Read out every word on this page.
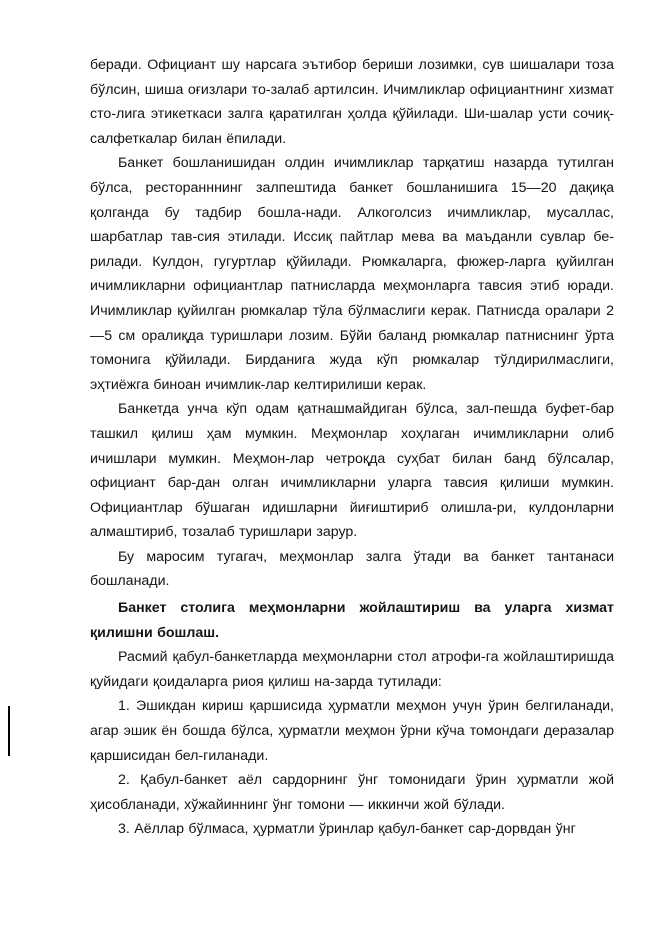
беради. Официант шу нарсага эътибор бериши лозимки, сув шишалари тоза бўлсин, шиша оғизлари то-залаб артилсин. Ичимликлар официантнинг хизмат сто-лига этикеткаси залга қаратилган ҳолда қўйилади. Ши-шалар усти сочиқ-салфеткалар билан ёпилади.

Банкет бошланишидан олдин ичимликлар тарқатиш назарда тутилган бўлса, ресторанннинг залпештида банкет бошланишига 15—20 дақиқа қолганда бу тадбир бошла-нади. Алкоголсиз ичимликлар, мусаллас, шарбатлар тав-сия этилади. Иссиқ пайтлар мева ва маъданли сувлар бе-рилади. Кулдон, гугуртлар қўйилади. Рюмкаларга, фюжер-ларга қуйилган ичимликларни официантлар патнисларда меҳмонларга тавсия этиб юради. Ичимликлар қуйилган рюмкалар тўла бўлмаслиги керак. Патнисда оралари 2—5 см оралиқда туришлари лозим. Бўйи баланд рюмкалар патниснинг ўрта томонига қўйилади. Бирданига жуда кўп рюмкалар тўлдирилмаслиги, эҳтиёжга биноан ичимлик-лар келтирилиши керак.

Банкетда унча кўп одам қатнашмайдиган бўлса, зал-пешда буфет-бар ташкил қилиш ҳам мумкин. Меҳмонлар хоҳлаган ичимликларни олиб ичишлари мумкин. Меҳмон-лар четроқда суҳбат билан банд бўлсалар, официант бар-дан олган ичимликларни уларга тавсия қилиши мумкин. Официантлар бўшаган идишларни йиғиштириб олишла-ри, кулдонларни алмаштириб, тозалаб туришлари зарур.

Бу маросим тугагач, меҳмонлар залга ўтади ва банкет тантанаси бошланади.

Банкет столига меҳмонларни жойлаштириш ва уларга хизмат қилишни бошлаш.

Расмий қабул-банкетларда меҳмонларни стол атрофи-га жойлаштиришда қуйидаги қоидаларга риоя қилиш на-зарда тутилади:

1. Эшикдан кириш қаршисида ҳурматли меҳмон учун ўрин белгиланади, агар эшик ён бошда бўлса, ҳурматли меҳмон ўрни кўча томондаги деразалар қаршисидан бел-гиланади.

2. Қабул-банкет аёл сардорнинг ўнг томонидаги ўрин ҳурматли жой ҳисобланади, хўжайиннинг ўнг томони — иккинчи жой бўлади.

3. Аёллар бўлмаса, ҳурматли ўринлар қабул-банкет сар-дорвдан ўнг
